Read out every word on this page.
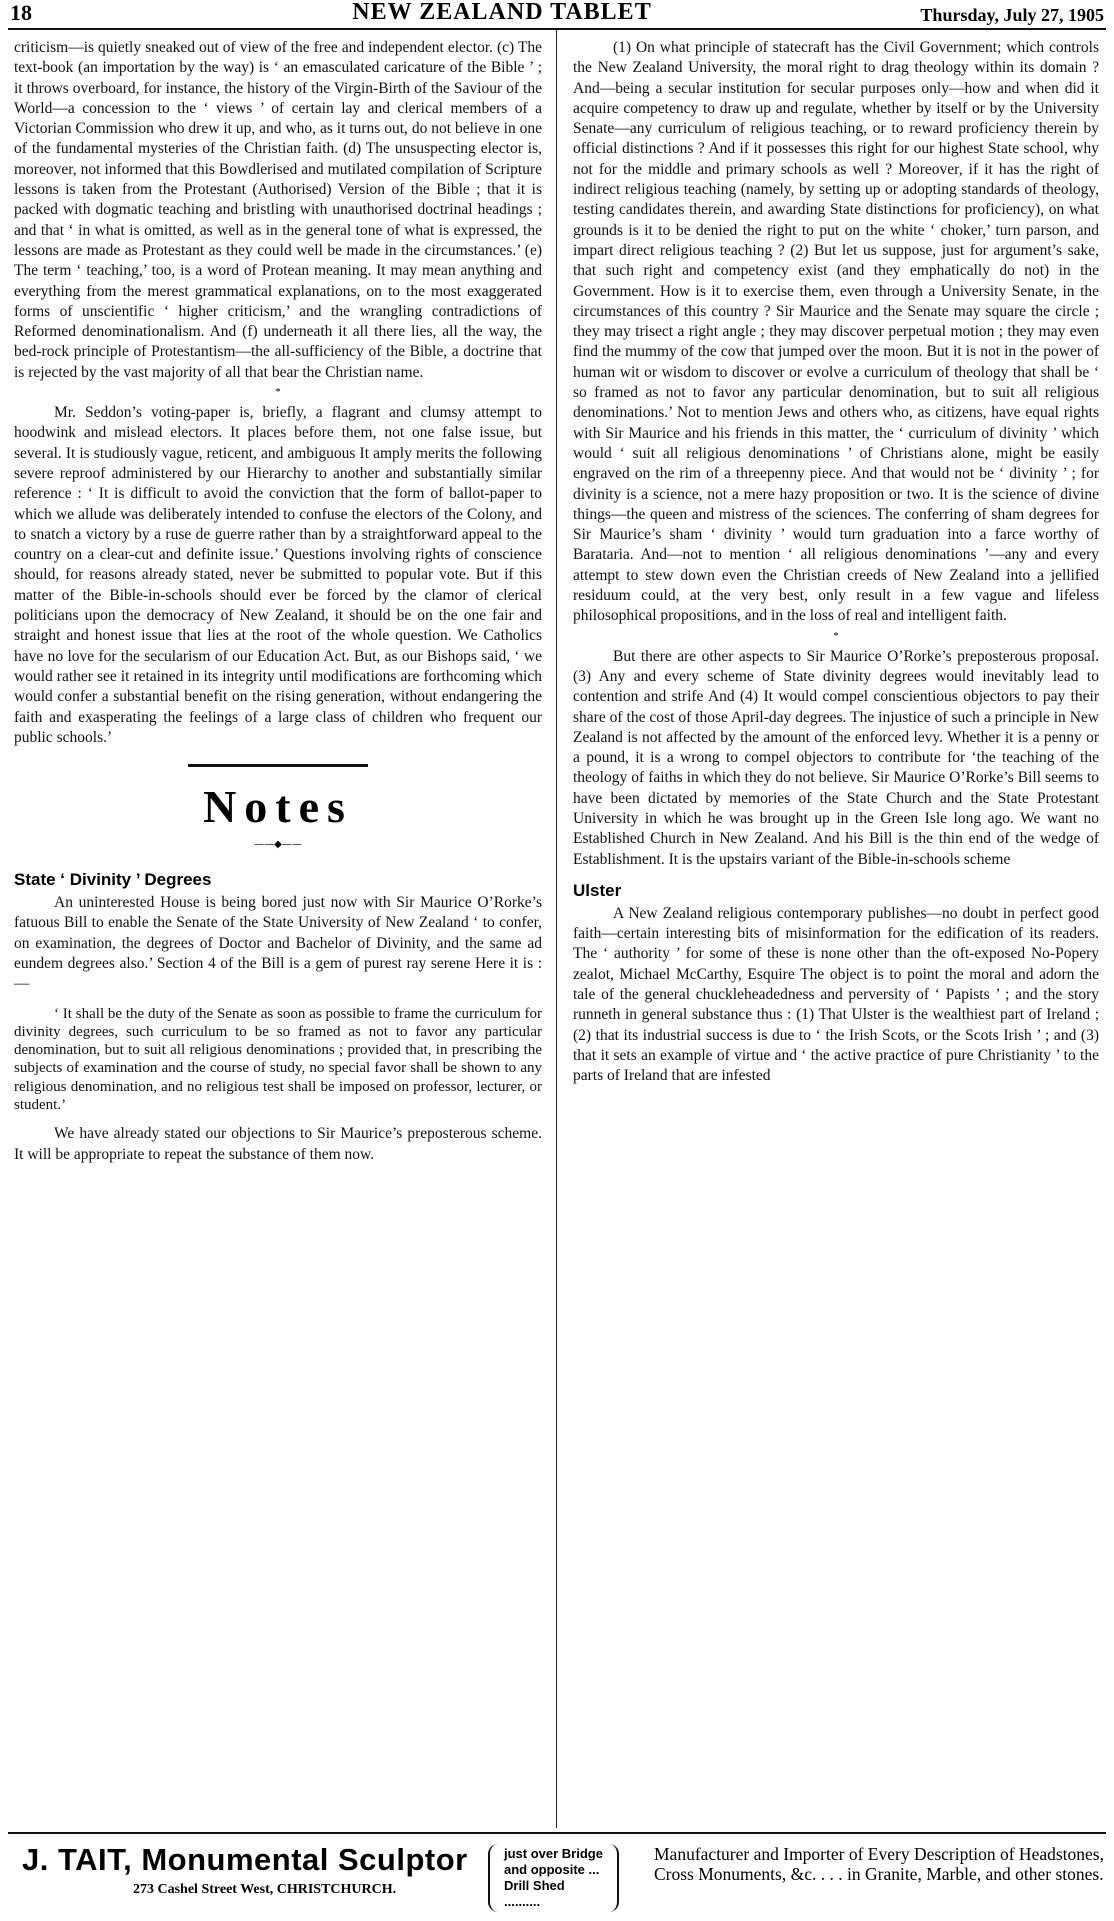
18	NEW ZEALAND TABLET	Thursday, July 27, 1905

criticism—is quietly sneaked out of view of the free and independent elector. (c) The text-book (an importation by the way) is ‘ an emasculated caricature of the Bible ’ ; it throws overboard, for instance, the history of the Virgin-Birth of the Saviour of the World—a concession to the ‘ views ’ of certain lay and clerical members of a Victorian Commission who drew it up, and who, as it turns out, do not believe in one of the fundamental mysteries of the Christian faith. (d) The unsuspecting elector is, moreover, not informed that this Bowdlerised and mutilated compilation of Scripture lessons is taken from the Protestant (Authorised) Version of the Bible ; that it is packed with dogmatic teaching and bristling with unauthorised doctrinal headings ; and that ‘ in what is omitted, as well as in the general tone of what is expressed, the lessons are made as Protestant as they could well be made in the circumstances.’ (e) The term ‘ teaching,’ too, is a word of Protean meaning. It may mean anything and everything from the merest grammatical explanations, on to the most exaggerated forms of unscientific ‘ higher criticism,’ and the wrangling contradictions of Reformed denominationalism. And (f) underneath it all there lies, all the way, the bed-rock principle of Protestantism—the all-sufficiency of the Bible, a doctrine that is rejected by the vast majority of all that bear the Christian name.

*

Mr. Seddon’s voting-paper is, briefly, a flagrant and clumsy attempt to hoodwink and mislead electors. It places before them, not one false issue, but several. It is studiously vague, reticent, and ambiguous It amply merits the following severe reproof administered by our Hierarchy to another and substantially similar reference : ‘ It is difficult to avoid the conviction that the form of ballot-paper to which we allude was deliberately intended to confuse the electors of the Colony, and to snatch a victory by a ruse de guerre rather than by a straightforward appeal to the country on a clear-cut and definite issue.’ Questions involving rights of conscience should, for reasons already stated, never be submitted to popular vote. But if this matter of the Bible-in-schools should ever be forced by the clamor of clerical politicians upon the democracy of New Zealand, it should be on the one fair and straight and honest issue that lies at the root of the whole question. We Catholics have no love for the secularism of our Education Act. But, as our Bishops said, ‘ we would rather see it retained in its integrity until modifications are forthcoming which would confer a substantial benefit on the rising generation, without endangering the faith and exasperating the feelings of a large class of children who frequent our public schools.’

Notes
——◆——
State ‘ Divinity ’ Degrees

An uninterested House is being bored just now with Sir Maurice O’Rorke’s fatuous Bill to enable the Senate of the State University of New Zealand ‘ to confer, on examination, the degrees of Doctor and Bachelor of Divinity, and the same ad eundem degrees also.’ Section 4 of the Bill is a gem of purest ray serene Here it is :—

‘ It shall be the duty of the Senate as soon as possible to frame the curriculum for divinity degrees, such curriculum to be so framed as not to favor any particular denomination, but to suit all religious denominations ; provided that, in prescribing the subjects of examination and the course of study, no special favor shall be shown to any religious denomination, and no religious test shall be imposed on professor, lecturer, or student.’

We have already stated our objections to Sir Maurice’s preposterous scheme. It will be appropriate to repeat the substance of them now.

(1) On what principle of statecraft has the Civil Government; which controls the New Zealand University, the moral right to drag theology within its domain ? And—being a secular institution for secular purposes only—how and when did it acquire competency to draw up and regulate, whether by itself or by the University Senate—any curriculum of religious teaching, or to reward proficiency therein by official distinctions ? And if it possesses this right for our highest State school, why not for the middle and primary schools as well ? Moreover, if it has the right of indirect religious teaching (namely, by setting up or adopting standards of theology, testing candidates therein, and awarding State distinctions for proficiency), on what grounds is it to be denied the right to put on the white ‘ choker,’ turn parson, and impart direct religious teaching ? (2) But let us suppose, just for argument’s sake, that such right and competency exist (and they emphatically do not) in the Government. How is it to exercise them, even through a University Senate, in the circumstances of this country ? Sir Maurice and the Senate may square the circle ; they may trisect a right angle ; they may discover perpetual motion ; they may even find the mummy of the cow that jumped over the moon. But it is not in the power of human wit or wisdom to discover or evolve a curriculum of theology that shall be ‘ so framed as not to favor any particular denomination, but to suit all religious denominations.’ Not to mention Jews and others who, as citizens, have equal rights with Sir Maurice and his friends in this matter, the ‘ curriculum of divinity ’ which would ‘ suit all religious denominations ’ of Christians alone, might be easily engraved on the rim of a threepenny piece. And that would not be ‘ divinity ’ ; for divinity is a science, not a mere hazy proposition or two. It is the science of divine things—the queen and mistress of the sciences. The conferring of sham degrees for Sir Maurice’s sham ‘ divinity ’ would turn graduation into a farce worthy of Barataria. And—not to mention ‘ all religious denominations ’—any and every attempt to stew down even the Christian creeds of New Zealand into a jellified residuum could, at the very best, only result in a few vague and lifeless philosophical propositions, and in the loss of real and intelligent faith.

*

But there are other aspects to Sir Maurice O’Rorke’s preposterous proposal. (3) Any and every scheme of State divinity degrees would inevitably lead to contention and strife And (4) It would compel conscientious objectors to pay their share of the cost of those April-day degrees. The injustice of such a principle in New Zealand is not affected by the amount of the enforced levy. Whether it is a penny or a pound, it is a wrong to compel objectors to contribute for ‘the teaching of the theology of faiths in which they do not believe. Sir Maurice O’Rorke’s Bill seems to have been dictated by memories of the State Church and the State Protestant University in which he was brought up in the Green Isle long ago. We want no Established Church in New Zealand. And his Bill is the thin end of the wedge of Establishment. It is the upstairs variant of the Bible-in-schools scheme

Ulster

A New Zealand religious contemporary publishes—no doubt in perfect good faith—certain interesting bits of misinformation for the edification of its readers. The ‘ authority ’ for some of these is none other than the oft-exposed No-Popery zealot, Michael McCarthy, Esquire The object is to point the moral and adorn the tale of the general chuckleheadedness and perversity of ‘ Papists ’ ; and the story runneth in general substance thus : (1) That Ulster is the wealthiest part of Ireland ; (2) that its industrial success is due to ‘ the Irish Scots, or the Scots Irish ’ ; and (3) that it sets an example of virtue and ‘ the active practice of pure Christianity ’ to the parts of Ireland that are infested

J. TAIT, Monumental Sculptor
273 Cashel Street West, CHRISTCHURCH.
just over Bridge
and opposite ...
Drill Shed
..........
Manufacturer and Importer of Every Description of Headstones, Cross Monuments, &c. . . . in Granite, Marble, and other stones.
